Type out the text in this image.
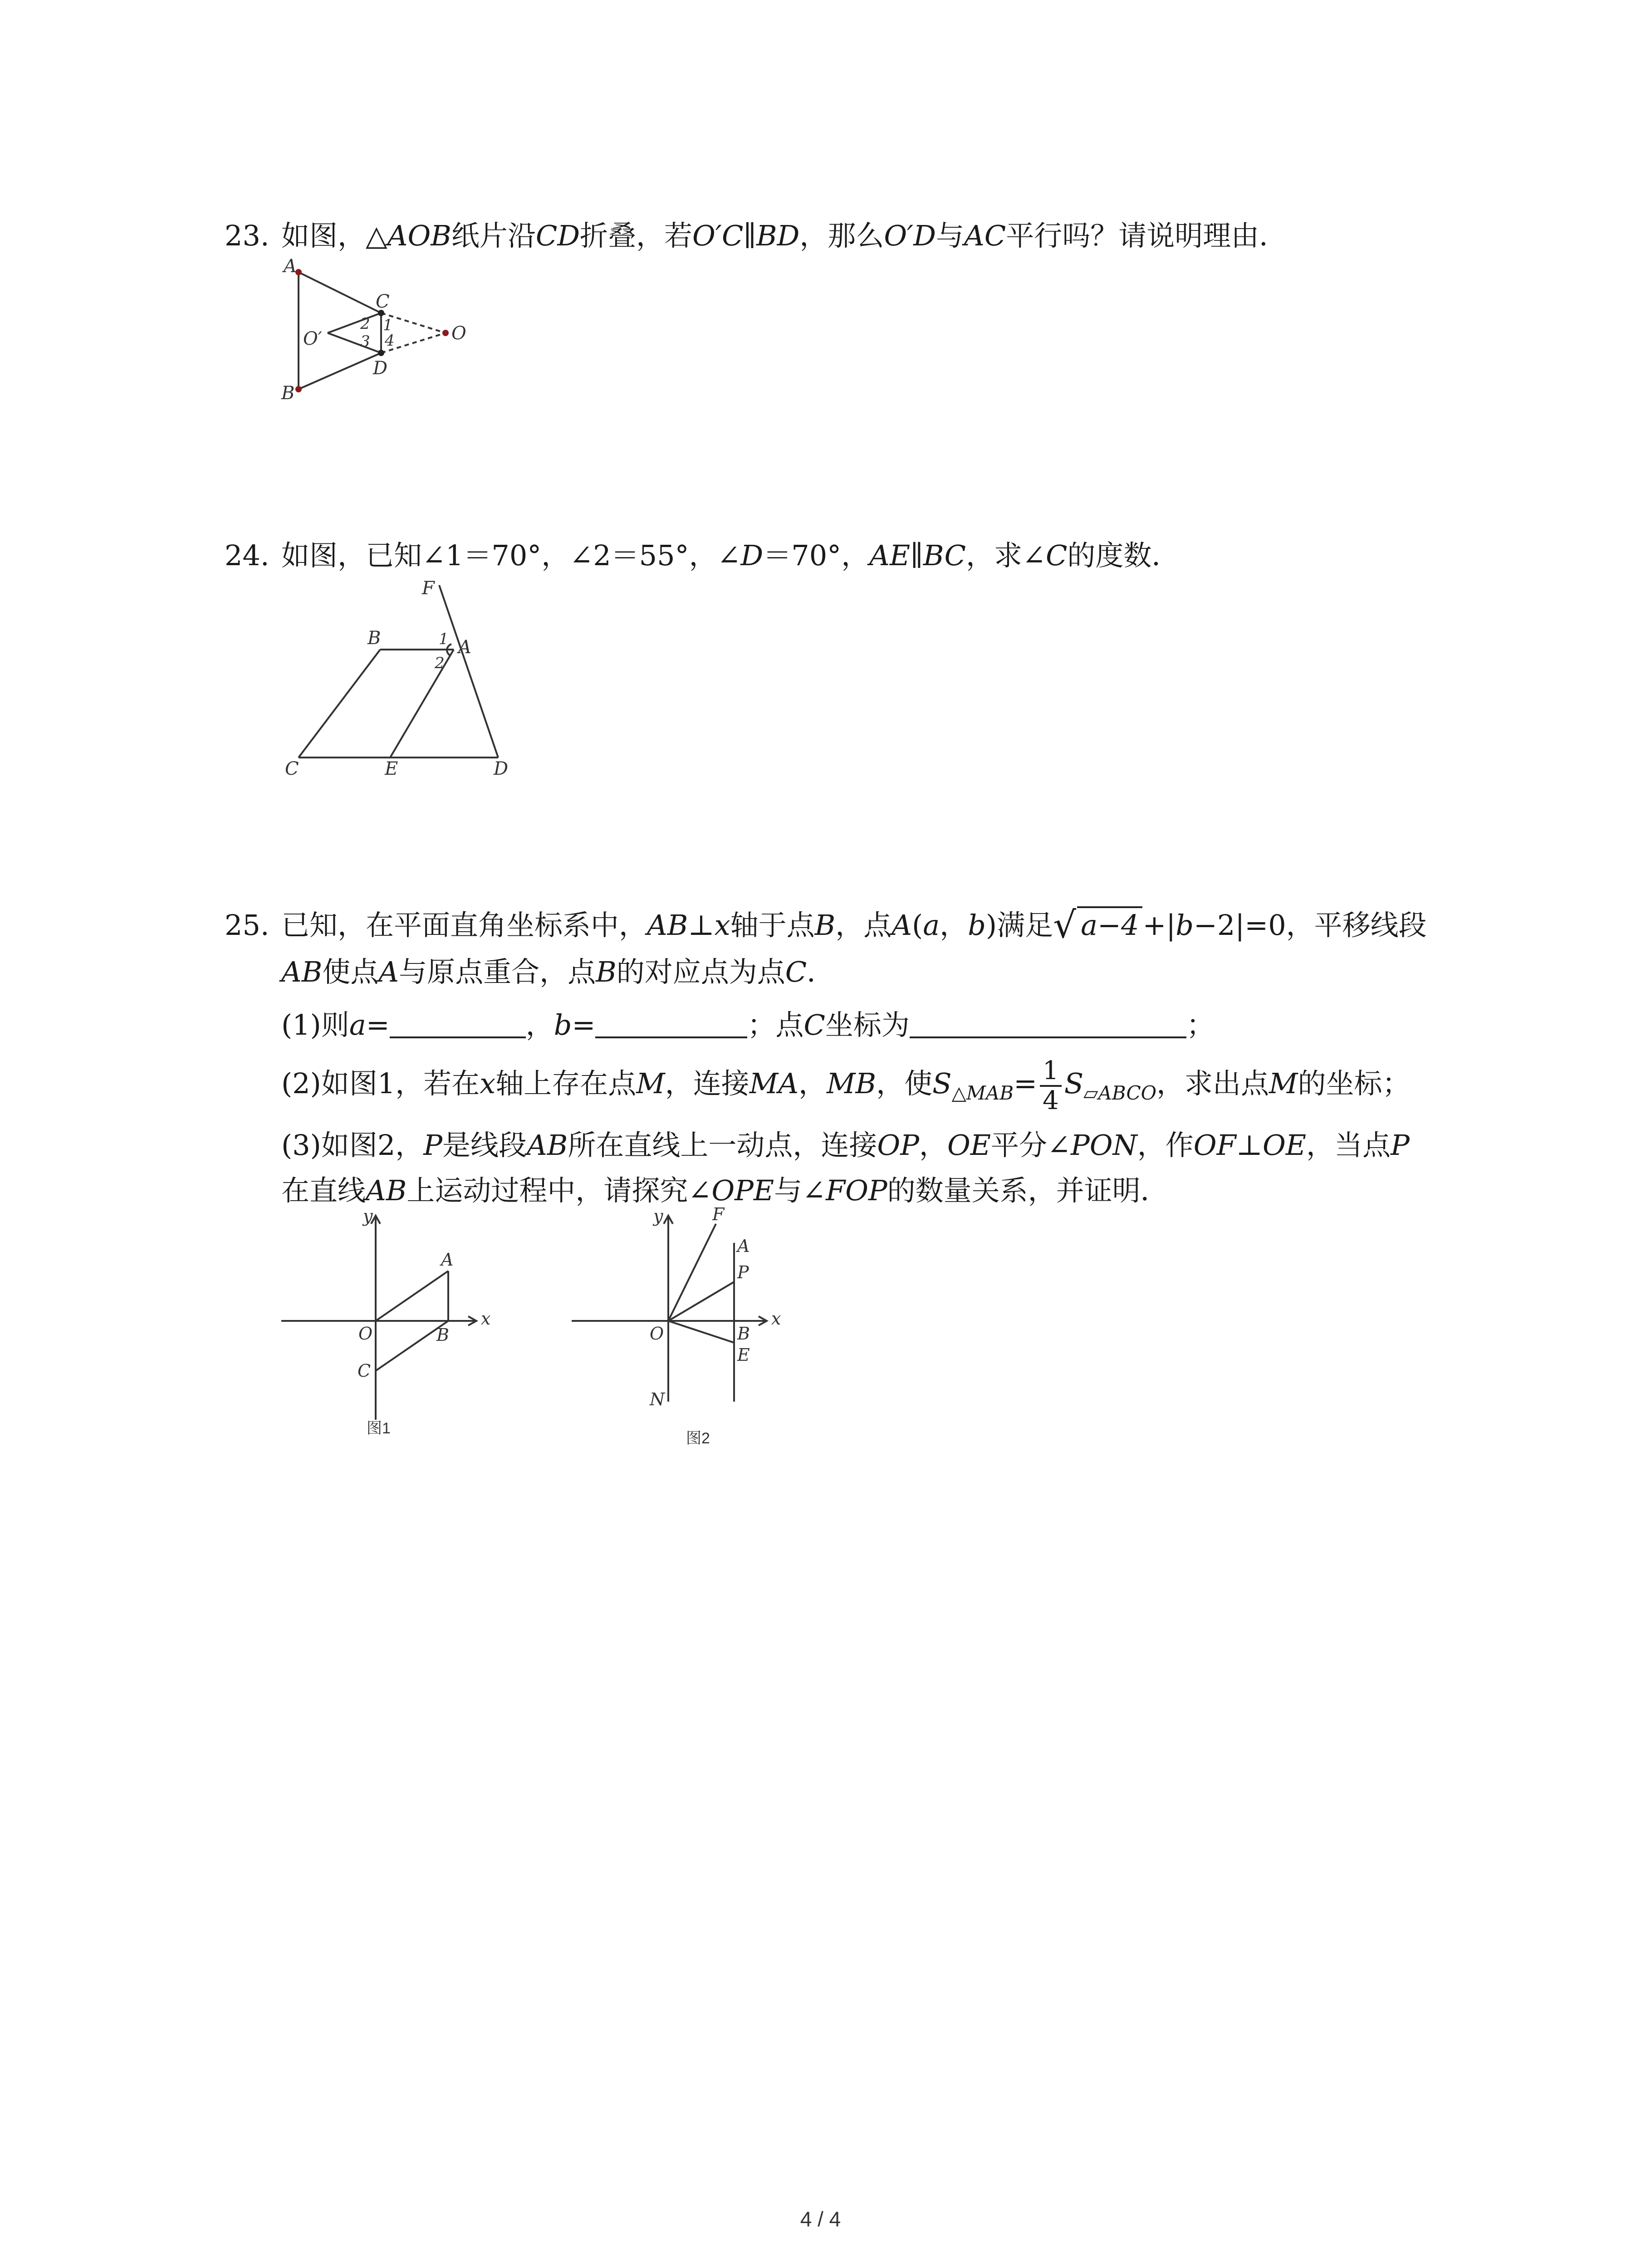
23. 如图，△AOB纸片沿CD折叠，若O′C∥BD，那么O′D与AC平行吗？请说明理由．
A
B
C
D
O
O′
1
2
3 4
24. 如图，已知∠1＝70°，∠2＝55°，∠D＝70°，AE∥BC，求∠C的度数．
F
B	A
1
2
C	E	D
25. 已知，在平面直角坐标系中，AB⊥x轴于点B，点A(a，b)满足√ a−4 +|b−2|=0，平移线段
AB使点A与原点重合，点B的对应点为点C．
(1)则a=	，b=	；点C坐标为	；
(2)如图1，若在x轴上存在点M，连接MA，MB，使$S_{\triangle MAB}= \frac{1}{4} S_{▱ABCO}$，求出点M的坐标；
(3)如图2，P是线段AB所在直线上一动点，连接OP，OE平分∠PON，作OF⊥OE，当点P
在直线AB上运动过程中，请探究∠OPE与∠FOP的数量关系，并证明．
y
x
O
A
B
C
图1
y
x
O
F
A
P
B
E
N
图2
4 / 4
